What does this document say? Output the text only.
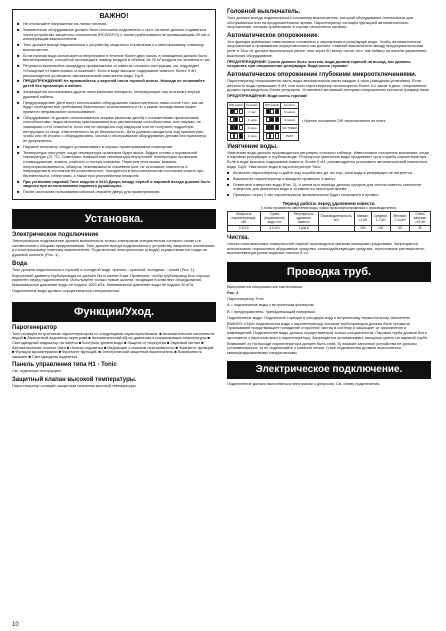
ВАЖНО!
■ Не отключайте напряжение на линии питания.
■ Заземленное оборудование должно быть постоянно подключено к сети; питание должно подаваться через устройство защитного отключения (RCD/GFCI) с током срабатывания не превышающим 30 мА и изолирующим выключателем.
■ Топс должен всегда подключаться к устройству защитного отключения и к многоразовому главному выключателю.
■ Если горячая вода используется непрерывно в течение более двух часов, в помещении должно быть вентилирование, способное производить замену воздуха в объёме 18-20 м³ воздуха на человека в час.
■ Регулярно выполняйте процедуры профилактики от извести согласно инструкции, см. подраздел «Очищение от известковых отложений». Если в воде высокое содержание извести, более 9 dH, рекомендуется установить автоматический смягчитель воды ТорS.
■ ПРЕДУПРЕЖДЕНИЕ! Не прикасайтесь к верхней части горячей плиты. Никогда не оставляйте детей без присмотра в кабине.
■ Запрещается использовать другие электрические аппараты, генерирующие пар или влагу внутри душевой кабины.
■ Предупреждение! Дети могут использовать оборудование самостоятельно лишь после того, как им будут сообщены все требования безопасного использования и те, к каким последствиям может привести неправильное использование.
■ Оборудование не должно использоваться лицами (включая детей) с пониженными физическими способностями, недостаточным чувствованием или умственными способностями, или лицами, не знающими о его опасности, если они не находятся под надзором или не получили подробную инструкцию от лица, ответственного за их безопасность. Дети должны находиться под присмотром, чтобы они не играли с оборудованием. Чистка и обслуживание оборудования детьми без присмотра не допускаются.
■ Паровой генератор следует устанавливать в хорошо проветриваемом помещении.
■ Температура наступает, когда температура организма будет выше. Будьте готовы к нормальной температуре (37 °C). Симптомы: повышенная температура внутренней температуры организма, головокружение, апатия, слабость и потеря сознания. Перегрев тела может вызвать: непрочувствованность, обморок, невозможность пошевелиться, не осознание опасности и повреждения в состоянии бессознательного. Находиться в бессознательном состоянии опасно при беременности, гипертонии, а также при употреблении лекарств.
■ При установке паровой Топс модели в 0410 Дверь между сауной и паровой всегда должна быть закрыта при использовании парового душа/сауны.
■ После окончания пользования кабиной откройте дверь для проветривания.
Установка.
Электрическое подключение

Электрическое подключение должно выполняться только электриком специалистом согласно схеме и в соответствии с общими предписаниями. Топс должен всегда подключаться к устройству защитного отключения и к многоразовому главному выключателю. Подключение электричества (и воды) осуществляется сзади на душевой колонне (Рис. 1).

Вода

Топс должна подключаться к горячей и холодной воде, причем – красный, холодная – синий (Рис. 1).

Внутренний диаметр трубопровода не должен быть менее 8 мм. Проверьте, чтобы трубопровод был хорошо укреплён перед подключением. Используйте только новые шланги, входящие в комплект оборудования. Максимальное давление воды не подано 1000 кПа. Минимальное давление воды не подано 30 кПа.

Подключение воды должно осуществляться специалистом.

Функции/Уход.
Парогенератор

Топс оснащён встроенным парогенератором со следующими характеристиками: ■ Автоматическое наполнение водой ■ Агрегатный индикатор перегрева ■ Автоматический сброс давления и нормализация температуры ■ Светодиодный индикатор на панели ■ Контроль уровня воды ■ Защита от перегрева ■ Звуковой сигнал ■ Автоматическая очистка бака ■ Ночная подсветка ■ Индикация с поиском неисправности ■ Фрагмент функций: ■ Функция ароматерапии ■ Фрагмент функций: ■ Электрический защитный выключатель ■ Возможность заказать ■ Светодиодная подсветка

Панель управления типа H1 - Tonic

См. отдельную инструкцию.

Защитный клапан высокой температуры.

Парогенератор оснащён защитным клапаном высокой температуры.

10
Головной выключатель.

Топс должен всегда подключаться к головному выключателю, который оборудование отключается для обслуживания или на продолжительное время. Парогенератор оснащён функцией автоматического опорожнения, которая срабатывает в случае отключения питания.

Автоматическое опорожнение.

Эта функция уменьшает известковые отложения и загрязнения в резервуаре воды. Чтобы автоматическое опорожнение и промывание осуществлялись как должно, главный выключатель между предохранительным реле и Топс не должен выключаться ранее, чем через 60 минут после того, как таймер на панели управления выключил оборудование.

ПРЕДУПРЕЖДЕНИЕ! Сопло должно быть чистым, вода должна горячей на выход, мы должны сохранять при опорожнении резервуара. Вода очень горячая!

Автоматическое опорожнение глубокими микроотключениями.

Парогенератор опорожняется часть воды автоматически через каждые 4 часа (заводская установка). Если жесткость воды превышает 9 dH, или если парогенератор используется более 4-х часов в день, опорожнение должно производиться более регулярно. Установите желаемый интервал опорожнения согласно графику ниже.

ПРЕДУПРЕЖДЕНИЕ! Вода очень горячая!

DIP-switch	Function

	1 час

	2 часа

	3 часа

	4 часа
DIP-switch	Function

	5 часов

	6 часов

	NO TIMER

	TEST
• Нужное положение DIP-переключателя на плате
Умягчение воды.

Умягчение воды должно производиться регулярно согласно таблице. Известковые отложения возникают, когда в паровом резервуаре и трубопроводе. Регулярное умягчение воды продлевает срок службы парогенератора. Если в воде высокое содержание извести, более 9 dH, рекомендуется установить автоматический смягчитель воды ТорS. Умягчение воды в парогенераторе Топс:

■ Включите парогенератор и дайте ему поработать до тех пор, пока вода в резервуаре не нагреется.
■ Выключите парогенератор и выждите примерно 5 минут.
■ Отвинтите отверстие воды (Рис. 2), а затем при помощи детских средств для снятия извести заполните отверстие для умягчения воды и оставьте на некоторое время.
■ Примерно через 1 час парогенератор автоматически будет опорожнен и промыт.
Период работы перед удалением извести.
(Чтобы произвести умягчение воды, нужно проконсультироваться с производителем).
Мощность парогенератора, кВт	Сухая (нормальная) вода, кг/ч	Регулярность удаления извести	Производительность, кг/ч	Мягкая, <1 dH	Средняя, 1-7 dH	Жёсткая, 7-14 dH	Очень жёсткая, >14 dH
2,2/4,5	3,0 кг/ч	1 раз в		200	100	60	30
Чистка.

Чистка пластмассовых поверхностей парной производится мягкими моющими средствами. Запрещается использовать порошковые абразивные средства, сильнодействующие средства, агрессивные растворители, высокотемпературные водяные насосы и т.п.

Проводка труб.

Выполняется специалистом сантехником.

Рис. 3
Парогенератор Топс.
A = подключение воды с встроенным фильтром.
B = предохранитель, принадлежащий напорным.
Подключение воды: Подключите горячую и холодную воду к встроенному термостатному смесителю.

ВАЖНО! Сброс подключения воды к парогенератору, система трубопроводов должна быть промыта! Промывание предотвращает попадание сторонних частиц в систему и защищает от загрязнения и повреждений. Подключение воды должно осуществляться только специалистом. Паровая труба должна быть проложена с наклоном вниз к парогенератору. Запрещается устанавливать запорные краны на паровой трубе.

Внимание! а) На выходе парогенератора должен быть слив, б) никакие запорные устройства не должны устанавливаться, в) не подключайте к сливной линии, г) все подключения должны выполняться квалифицированными специалистами.

Электрическое подключение.

Подключение должно выполняться электриком с допуском. См. схему подключения.
